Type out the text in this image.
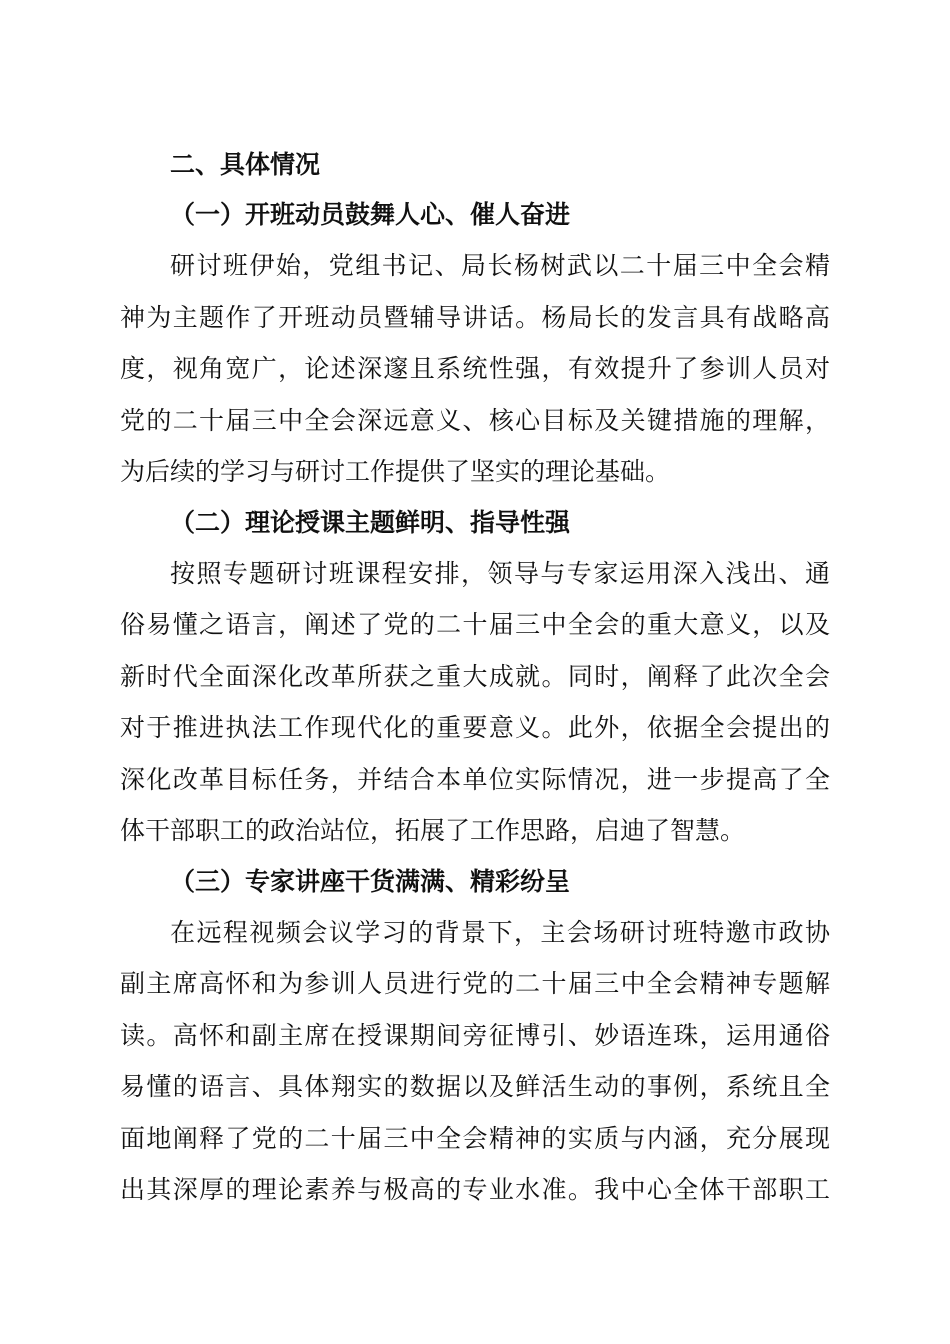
二、具体情况
（一）开班动员鼓舞人心、催人奋进
研讨班伊始，党组书记、局长杨树武以二十届三中全会精
神为主题作了开班动员暨辅导讲话。杨局长的发言具有战略高
度，视角宽广，论述深邃且系统性强，有效提升了参训人员对
党的二十届三中全会深远意义、核心目标及关键措施的理解，
为后续的学习与研讨工作提供了坚实的理论基础。
（二）理论授课主题鲜明、指导性强
按照专题研讨班课程安排，领导与专家运用深入浅出、通
俗易懂之语言，阐述了党的二十届三中全会的重大意义，以及
新时代全面深化改革所获之重大成就。同时，阐释了此次全会
对于推进执法工作现代化的重要意义。此外，依据全会提出的
深化改革目标任务，并结合本单位实际情况，进一步提高了全
体干部职工的政治站位，拓展了工作思路，启迪了智慧。
（三）专家讲座干货满满、精彩纷呈
在远程视频会议学习的背景下，主会场研讨班特邀市政协
副主席高怀和为参训人员进行党的二十届三中全会精神专题解
读。高怀和副主席在授课期间旁征博引、妙语连珠，运用通俗
易懂的语言、具体翔实的数据以及鲜活生动的事例，系统且全
面地阐释了党的二十届三中全会精神的实质与内涵，充分展现
出其深厚的理论素养与极高的专业水准。我中心全体干部职工
